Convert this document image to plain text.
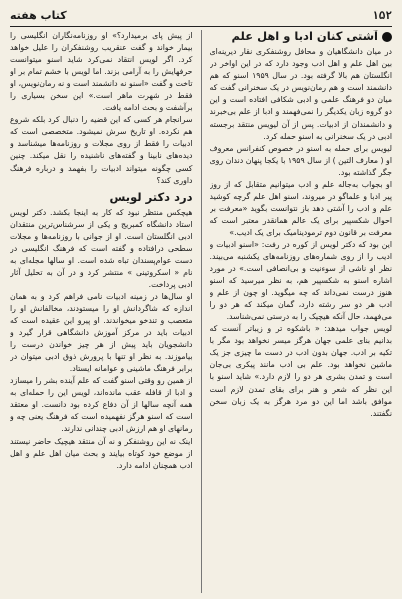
۱۵۲
کتاب هفته
آشتی کنان ادبا و اهل علم

در میان دانشگاهیان و محافل روشنفکری نقار دیرینه‌ای بین اهل علم و اهل ادب وجود دارد که در این اواخر در انگلستان هم بالا گرفته بود. در سال ۱۹۵۹ اسنو که هم دانشمند است و هم رمان‌نویس در یک سخنرانی گفت که میان دو فرهنگ علمی و ادبی شکافی افتاده است و این دو گروه زبان یکدیگر را نمی‌فهمند و ادبا از علم بی‌خبرند و دانشمندان از ادبیات. پس از آن لیویس منتقد برجسته ادبی در یک سخنرانی به اسنو حمله کرد.

لیویس برای حمله به اسنو در خصوص کنفرانس معروف او ( معارف التین ) از سال ۱۹۵۹ با یکجا پنهان دندان روی جگر گذاشته بود.

او بجواب به‌جاله علم و ادب میتوانیم متقابل که از روز پیر ادبا و علماگو در میروند، اسنو اهل علم گرچه کوشید علم و ادب را آشتی دهد باز نتوانست بگوید «معرفت بر احوال شکسپیر برای یک عالم همانقدر معتبر است که معرفت بر قانون دوم ترمودینامیک برای یک ادیب.»

این بود که دکتر لویس از کوره در رفت: «اسنو ادبیات و ادیب را از روی شماره‌های روزنامه‌های یکشنبه می‌بیند. نظر او ناشی از سوء‌نیت و بی‌انصافی است.» در مورد اشاره اسنو به شکسپیر هم، به نظر میرسید که اسنو هنوز درست نمی‌داند که چه میگوید. او چون از علم و ادب هر دو سر رشته دارد، گمان میکند که هر دو را می‌فهمد، حال آنکه هیچیک را به درستی نمی‌شناسد.

لویس جواب میدهد: « باشکوه تر و زیباتر آنست که بدانیم بنای علمی جهان هرگز میسر نخواهد بود مگر با تکیه بر ادب. جهان بدون ادب در دست ما چیزی جز یک ماشین نخواهد بود. علم بی ادب مانند پیکری بی‌جان است و تمدن بشری هر دو را لازم دارد.» شاید اسنو با این نظر که شعر و هنر برای بقای تمدن لازم است موافق باشد اما این دو مرد هرگز به یک زبان سخن نگفتند.

از پیش پای برمیدارد؟» او روزنامه‌نگاران انگلیسی را بیمار خواند و گفت عنقریب روشنفکران را علیل خواهد کرد. اگر لویس انتقاد نمی‌کرد شاید اسنو میتوانست حرفهایش را به آرامی بزند. اما لویس با خشم تمام بر او تاخت و گفت «اسنو نه دانشمند است و نه رمان‌نویس، او فقط در شهرت ماهر است.» این سخن بسیاری را برآشفت و بحث ادامه یافت.

سرانجام هر کسی که این قضیه را دنبال کرد بلکه شروع هم نکرده. او تاریخ سرش نمیشود. متخصصی است که ادبیات را فقط از روی مجلات و روزنامه‌ها میشناسد و دیده‌های نابینا و گفته‌های ناشنیده را نقل میکند. چنین کسی چگونه میتواند ادبیات را بفهمد و درباره فرهنگ داوری کند؟

درد دکتر لویس

هیچکس منتظر نبود که کار به اینجا بکشد. دکتر لویس استاد دانشگاه کمبریج و یکی از سرشناس‌ترین منتقدان ادبی انگلستان است. او از جوانی با روزنامه‌ها و مجلات سطحی درافتاده و گفته است که فرهنگ انگلیسی در دست عوام‌پسندان تباه شده است. او سالها مجله‌ای به نام « اسکروتینی » منتشر کرد و در آن به تحلیل آثار ادبی پرداخت.

او سال‌ها در زمینه ادبیات نامی فراهم کرد و به همان اندازه که شاگردانش او را میستودند، مخالفانش او را متعصب و تندخو میخواندند. او پیرو این عقیده است که ادبیات باید در مرکز آموزش دانشگاهی قرار گیرد و دانشجویان باید پیش از هر چیز خواندن درست را بیاموزند. به نظر او تنها با پرورش ذوق ادبی میتوان در برابر فرهنگ ماشینی و عوامانه ایستاد.

از همین رو وقتی اسنو گفت که علم آینده بشر را میسازد و ادبا از قافله عقب مانده‌اند، لویس این را حمله‌ای به همه آنچه سالها از آن دفاع کرده بود دانست. او معتقد است که اسنو هرگز نفهمیده است که فرهنگ یعنی چه و رمانهای او هم ارزش ادبی چندانی ندارند.

اینک نه این روشنفکر و نه آن منتقد هیچیک حاضر نیستند از موضع خود کوتاه بیایند و بحث میان اهل علم و اهل ادب همچنان ادامه دارد.
